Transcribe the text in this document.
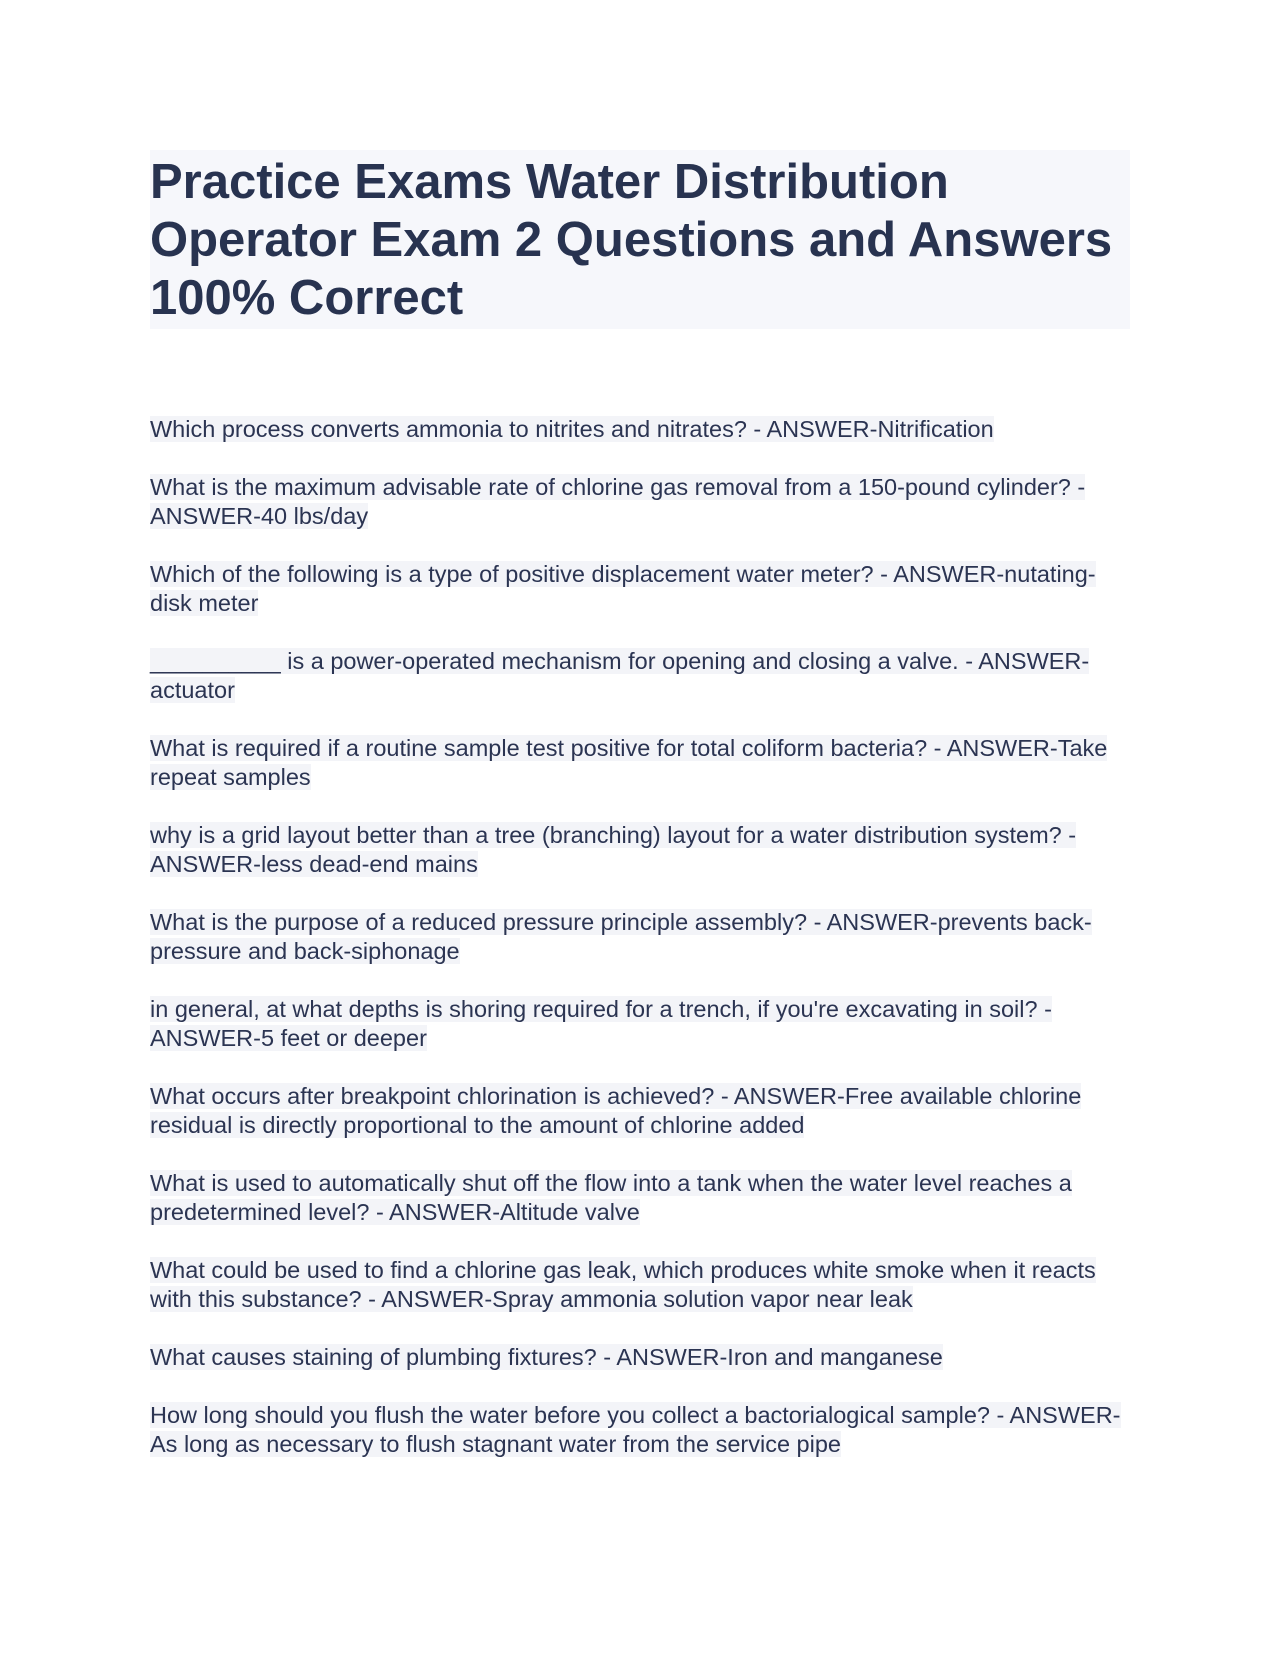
Practice Exams Water Distribution Operator Exam 2 Questions and Answers 100% Correct

Which process converts ammonia to nitrites and nitrates? - ANSWER-Nitrification

What is the maximum advisable rate of chlorine gas removal from a 150-pound cylinder? - ANSWER-40 lbs/day

Which of the following is a type of positive displacement water meter? - ANSWER-nutating-disk meter

__________ is a power-operated mechanism for opening and closing a valve. - ANSWER-actuator

What is required if a routine sample test positive for total coliform bacteria? - ANSWER-Take repeat samples

why is a grid layout better than a tree (branching) layout for a water distribution system? - ANSWER-less dead-end mains

What is the purpose of a reduced pressure principle assembly? - ANSWER-prevents back-pressure and back-siphonage

in general, at what depths is shoring required for a trench, if you're excavating in soil? - ANSWER-5 feet or deeper

What occurs after breakpoint chlorination is achieved? - ANSWER-Free available chlorine residual is directly proportional to the amount of chlorine added

What is used to automatically shut off the flow into a tank when the water level reaches a predetermined level? - ANSWER-Altitude valve

What could be used to find a chlorine gas leak, which produces white smoke when it reacts with this substance? - ANSWER-Spray ammonia solution vapor near leak

What causes staining of plumbing fixtures? - ANSWER-Iron and manganese

How long should you flush the water before you collect a bactorialogical sample? - ANSWER-As long as necessary to flush stagnant water from the service pipe
